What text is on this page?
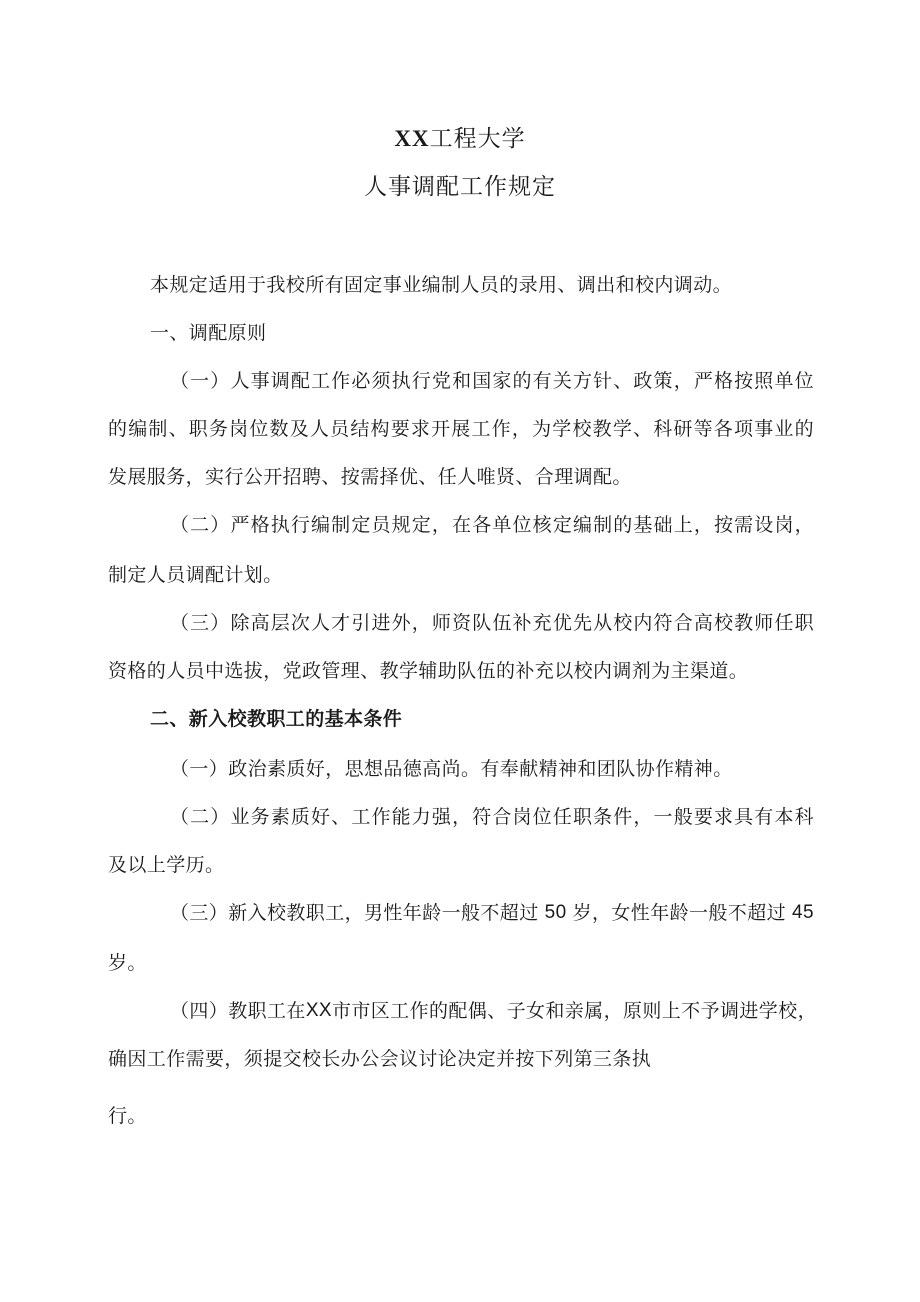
XX工程大学
人事调配工作规定
本规定适用于我校所有固定事业编制人员的录用、调出和校内调动。
一、调配原则
（一）人事调配工作必须执行党和国家的有关方针、政策，严格按照单位
的编制、职务岗位数及人员结构要求开展工作，为学校教学、科研等各项事业的
发展服务，实行公开招聘、按需择优、任人唯贤、合理调配。
（二）严格执行编制定员规定，在各单位核定编制的基础上，按需设岗，
制定人员调配计划。
（三）除高层次人才引进外，师资队伍补充优先从校内符合高校教师任职
资格的人员中选拔，党政管理、教学辅助队伍的补充以校内调剂为主渠道。
二、新入校教职工的基本条件
（一）政治素质好，思想品德高尚。有奉献精神和团队协作精神。
（二）业务素质好、工作能力强，符合岗位任职条件，一般要求具有本科
及以上学历。
（三）新入校教职工，男性年龄一般不超过 50 岁，女性年龄一般不超过 45
岁。
（四）教职工在 XX 市市区工作的配偶、子女和亲属，原则上不予调进学校，
确因工作需要，须提交校长办公会议讨论决定并按下列第三条执
行。
